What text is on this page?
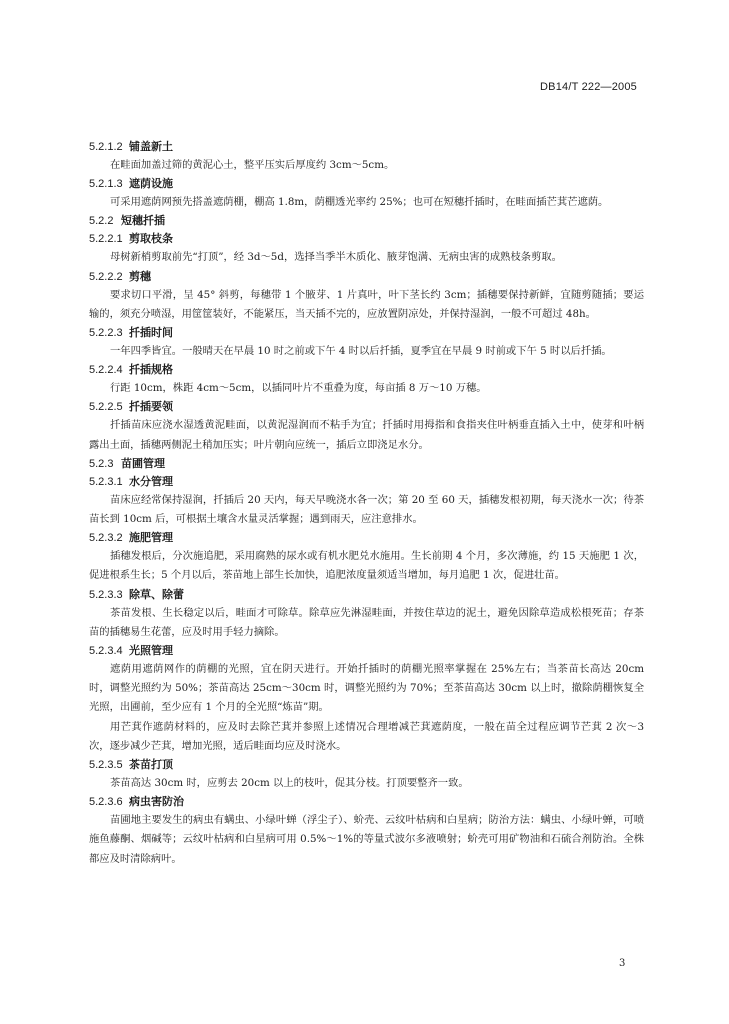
DB14/T 222—2005
5.2.1.2 铺盖新土

在畦面加盖过筛的黄泥心土，整平压实后厚度约 3cm～5cm。

5.2.1.3 遮荫设施

可采用遮荫网预先搭盖遮荫棚，棚高 1.8m，荫棚透光率约 25%；也可在短穗扦插时，在畦面插芒萁芒遮荫。

5.2.2 短穗扦插
5.2.2.1 剪取枝条

母树新梢剪取前先“打顶”，经 3d～5d，选择当季半木质化、腋芽饱满、无病虫害的成熟枝条剪取。

5.2.2.2 剪穗

要求切口平滑，呈 45° 斜剪，每穗带 1 个腋芽、1 片真叶，叶下茎长约 3cm；插穗要保持新鲜，宜随剪随插；要运输的，须充分喷湿，用筐筐装好，不能紧压，当天插不完的，应放置阴凉处，并保持湿润，一般不可超过 48h。

5.2.2.3 扦插时间

一年四季皆宜。一般晴天在早晨 10 时之前或下午 4 时以后扦插，夏季宜在早晨 9 时前或下午 5 时以后扦插。

5.2.2.4 扦插规格

行距 10cm，株距 4cm～5cm，以插同叶片不重叠为度，每亩插 8 万～10 万穗。

5.2.2.5 扦插要领

扦插苗床应浇水湿透黄泥畦面，以黄泥湿润而不粘手为宜；扦插时用拇指和食指夹住叶柄垂直插入土中，使芽和叶柄露出土面，插穗两侧泥土稍加压实；叶片朝向应统一，插后立即浇足水分。

5.2.3 苗圃管理
5.2.3.1 水分管理

苗床应经常保持湿润，扦插后 20 天内，每天早晚浇水各一次；第 20 至 60 天，插穗发根初期，每天浇水一次；待茶苗长到 10cm 后，可根据土壤含水量灵活掌握；遇到雨天，应注意排水。

5.2.3.2 施肥管理

插穗发根后，分次施追肥，采用腐熟的尿水或有机水肥兑水施用。生长前期 4 个月，多次薄施，约 15 天施肥 1 次，促进根系生长；5 个月以后，茶苗地上部生长加快，追肥浓度量须适当增加，每月追肥 1 次，促进壮苗。

5.2.3.3 除草、除蕾

茶苗发根、生长稳定以后，畦面才可除草。除草应先淋湿畦面，并按住草边的泥土，避免因除草造成松根死苗；存茶苗的插穗易生花蕾，应及时用手轻力摘除。

5.2.3.4 光照管理

遮荫用遮荫网作的荫棚的光照，宜在阴天进行。开始扦插时的荫棚光照率掌握在 25%左右；当茶苗长高达 20cm 时，调整光照约为 50%；茶苗高达 25cm～30cm 时，调整光照约为 70%；至茶苗高达 30cm 以上时，撤除荫棚恢复全光照，出圃前，至少应有 1 个月的全光照“炼苗”期。

用芒萁作遮荫材料的，应及时去除芒萁并参照上述情况合理增减芒萁遮荫度，一般在苗全过程应调节芒萁 2 次～3 次，逐步减少芒萁，增加光照，适后畦面均应及时浇水。

5.2.3.5 茶苗打顶

茶苗高达 30cm 时，应剪去 20cm 以上的枝叶，促其分枝。打顶要整齐一致。

5.2.3.6 病虫害防治

苗圃地主要发生的病虫有螨虫、小绿叶蝉（浮尘子）、蚧壳、云纹叶枯病和白星病；防治方法：螨虫、小绿叶蝉，可喷施鱼藤酮、烟碱等；云纹叶枯病和白星病可用 0.5%～1%的等量式波尔多液喷射；蚧壳可用矿物油和石硫合剂防治。全株都应及时清除病叶。

3
